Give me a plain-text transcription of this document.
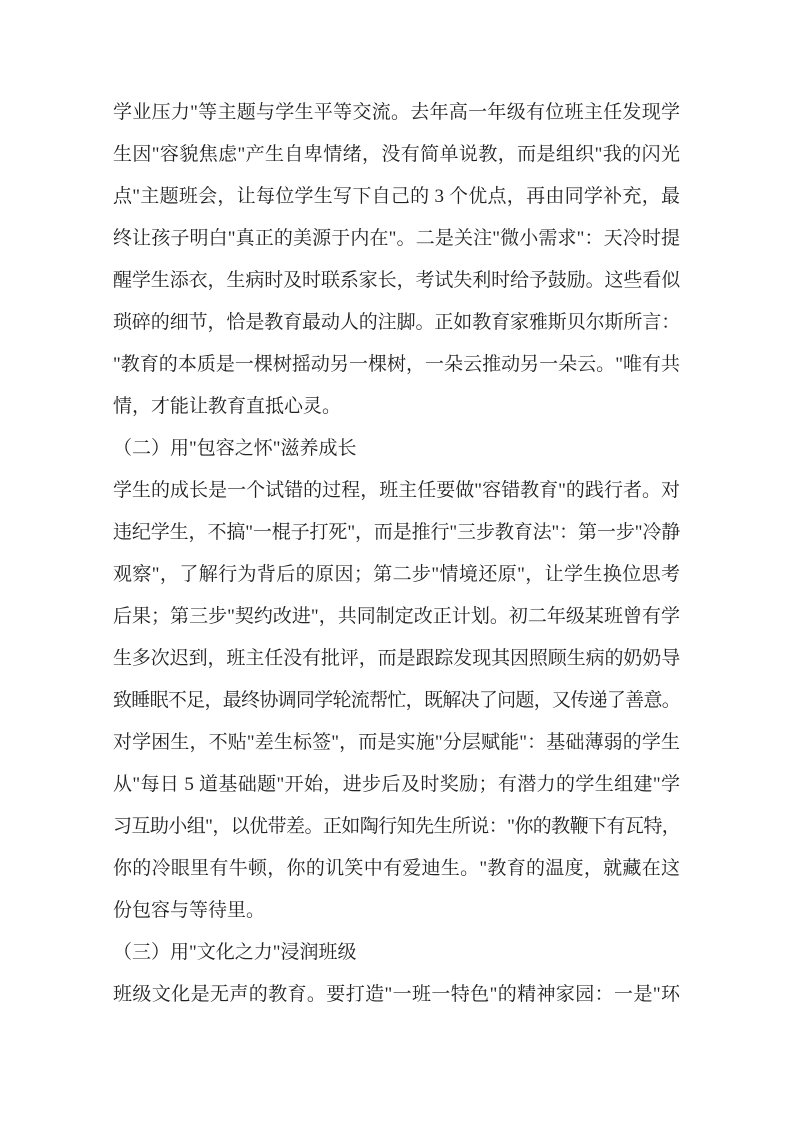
学业压力"等主题与学生平等交流。去年高一年级有位班主任发现学
生因"容貌焦虑"产生自卑情绪，没有简单说教，而是组织"我的闪光
点"主题班会，让每位学生写下自己的 3 个优点，再由同学补充，最
终让孩子明白"真正的美源于内在"。二是关注"微小需求"：天冷时提
醒学生添衣，生病时及时联系家长，考试失利时给予鼓励。这些看似
琐碎的细节，恰是教育最动人的注脚。正如教育家雅斯贝尔斯所言：
"教育的本质是一棵树摇动另一棵树，一朵云推动另一朵云。"唯有共
情，才能让教育直抵心灵。
（二）用"包容之怀"滋养成长
学生的成长是一个试错的过程，班主任要做"容错教育"的践行者。对
违纪学生，不搞"一棍子打死"，而是推行"三步教育法"：第一步"冷静
观察"，了解行为背后的原因；第二步"情境还原"，让学生换位思考
后果；第三步"契约改进"，共同制定改正计划。初二年级某班曾有学
生多次迟到，班主任没有批评，而是跟踪发现其因照顾生病的奶奶导
致睡眠不足，最终协调同学轮流帮忙，既解决了问题，又传递了善意。
对学困生，不贴"差生标签"，而是实施"分层赋能"：基础薄弱的学生
从"每日 5 道基础题"开始，进步后及时奖励；有潜力的学生组建"学
习互助小组"，以优带差。正如陶行知先生所说："你的教鞭下有瓦特，
你的冷眼里有牛顿，你的讥笑中有爱迪生。"教育的温度，就藏在这
份包容与等待里。
（三）用"文化之力"浸润班级
班级文化是无声的教育。要打造"一班一特色"的精神家园：一是"环
